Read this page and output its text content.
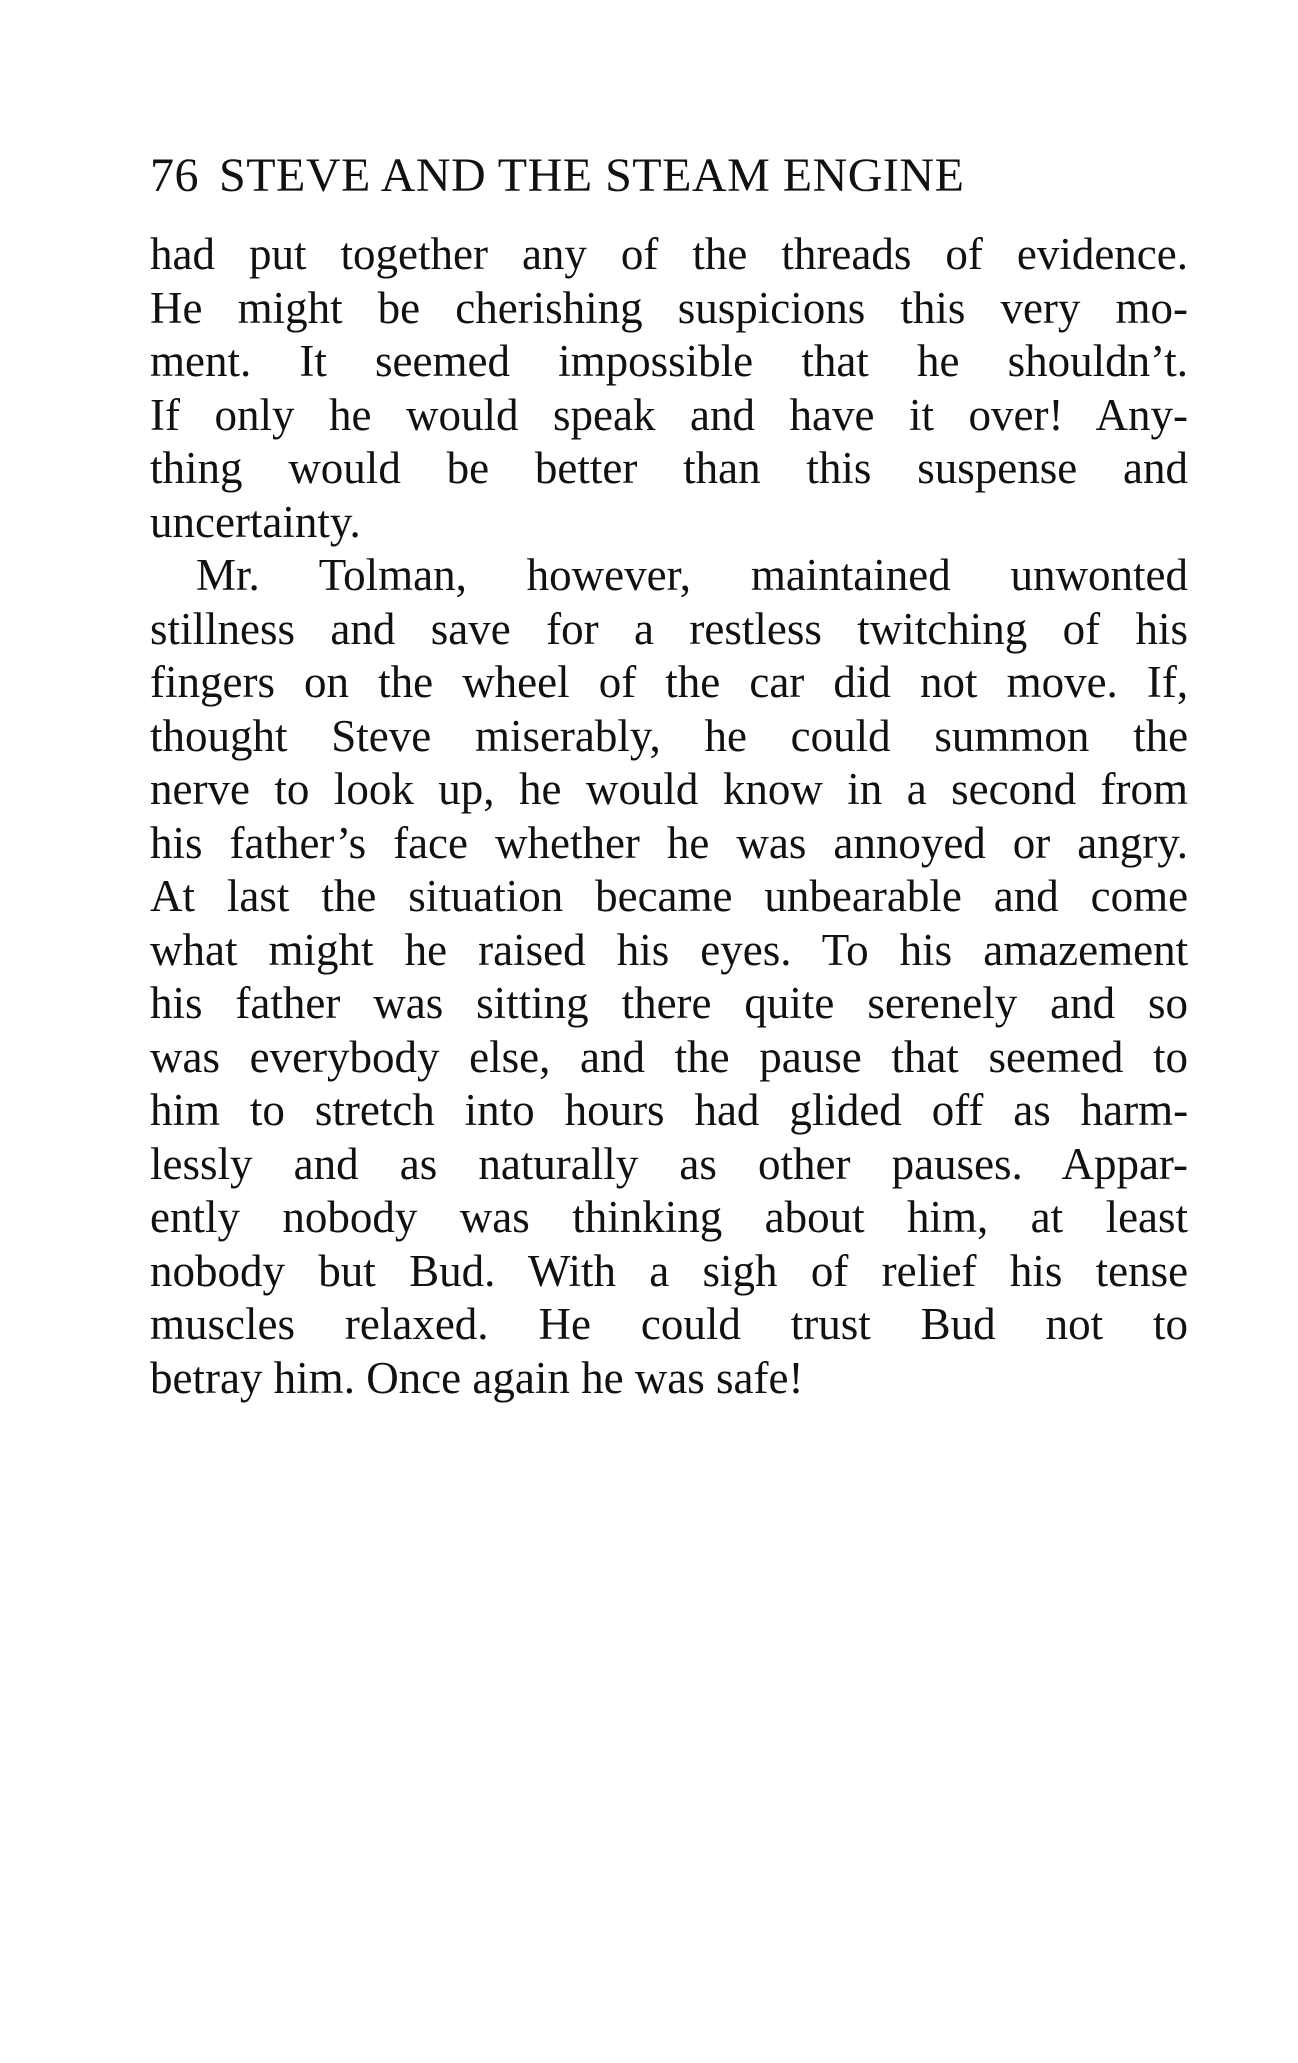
76 STEVE AND THE STEAM ENGINE
had put together any of the threads of evidence.
He might be cherishing suspicions this very mo-
ment. It seemed impossible that he shouldn’t.
If only he would speak and have it over! Any-
thing would be better than this suspense and
uncertainty.
Mr. Tolman, however, maintained unwonted
stillness and save for a restless twitching of his
fingers on the wheel of the car did not move. If,
thought Steve miserably, he could summon the
nerve to look up, he would know in a second from
his father’s face whether he was annoyed or angry.
At last the situation became unbearable and come
what might he raised his eyes. To his amazement
his father was sitting there quite serenely and so
was everybody else, and the pause that seemed to
him to stretch into hours had glided off as harm-
lessly and as naturally as other pauses. Appar-
ently nobody was thinking about him, at least
nobody but Bud. With a sigh of relief his tense
muscles relaxed. He could trust Bud not to
betray him. Once again he was safe!
